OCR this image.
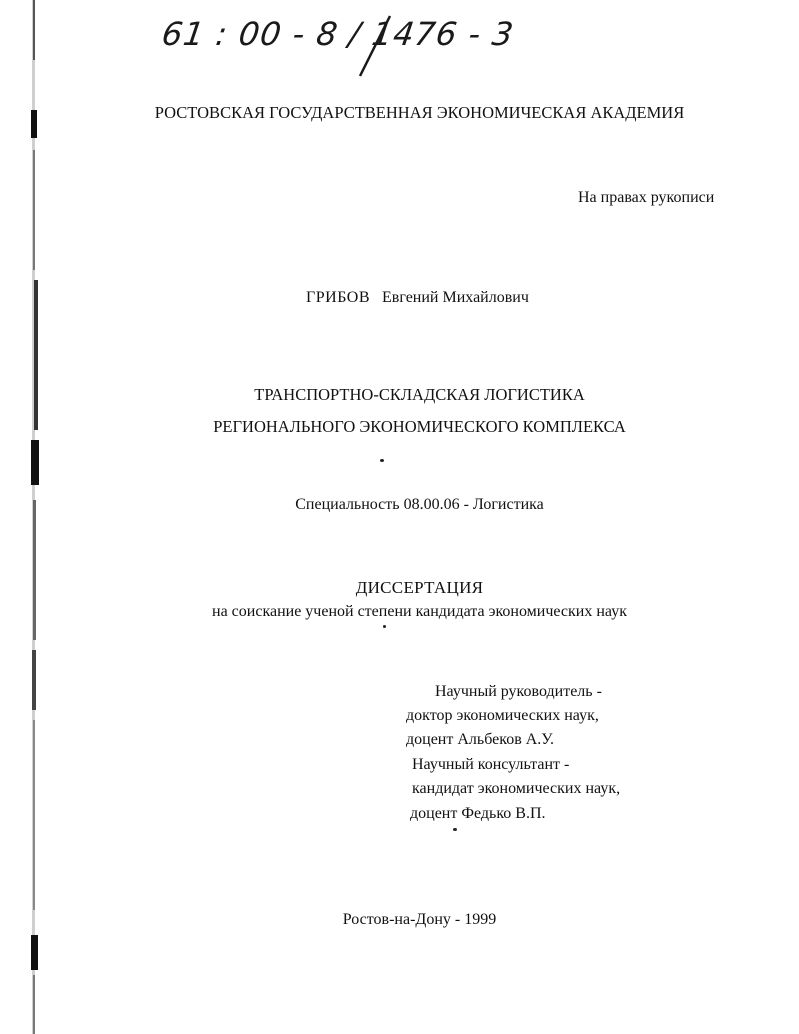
61 : 00 - 8 / 1476 - 3
РОСТОВСКАЯ ГОСУДАРСТВЕННАЯ ЭКОНОМИЧЕСКАЯ АКАДЕМИЯ
На правах рукописи
ГРИБОВ Евгений Михайлович
ТРАНСПОРТНО-СКЛАДСКАЯ ЛОГИСТИКА
РЕГИОНАЛЬНОГО ЭКОНОМИЧЕСКОГО КОМПЛЕКСА
Специальность 08.00.06 - Логистика
ДИССЕРТАЦИЯ
на соискание ученой степени кандидата экономических наук
Научный руководитель -
доктор экономических наук,
доцент Альбеков А.У.
Научный консультант -
кандидат экономических наук,
доцент Федько В.П.
Ростов-на-Дону - 1999
